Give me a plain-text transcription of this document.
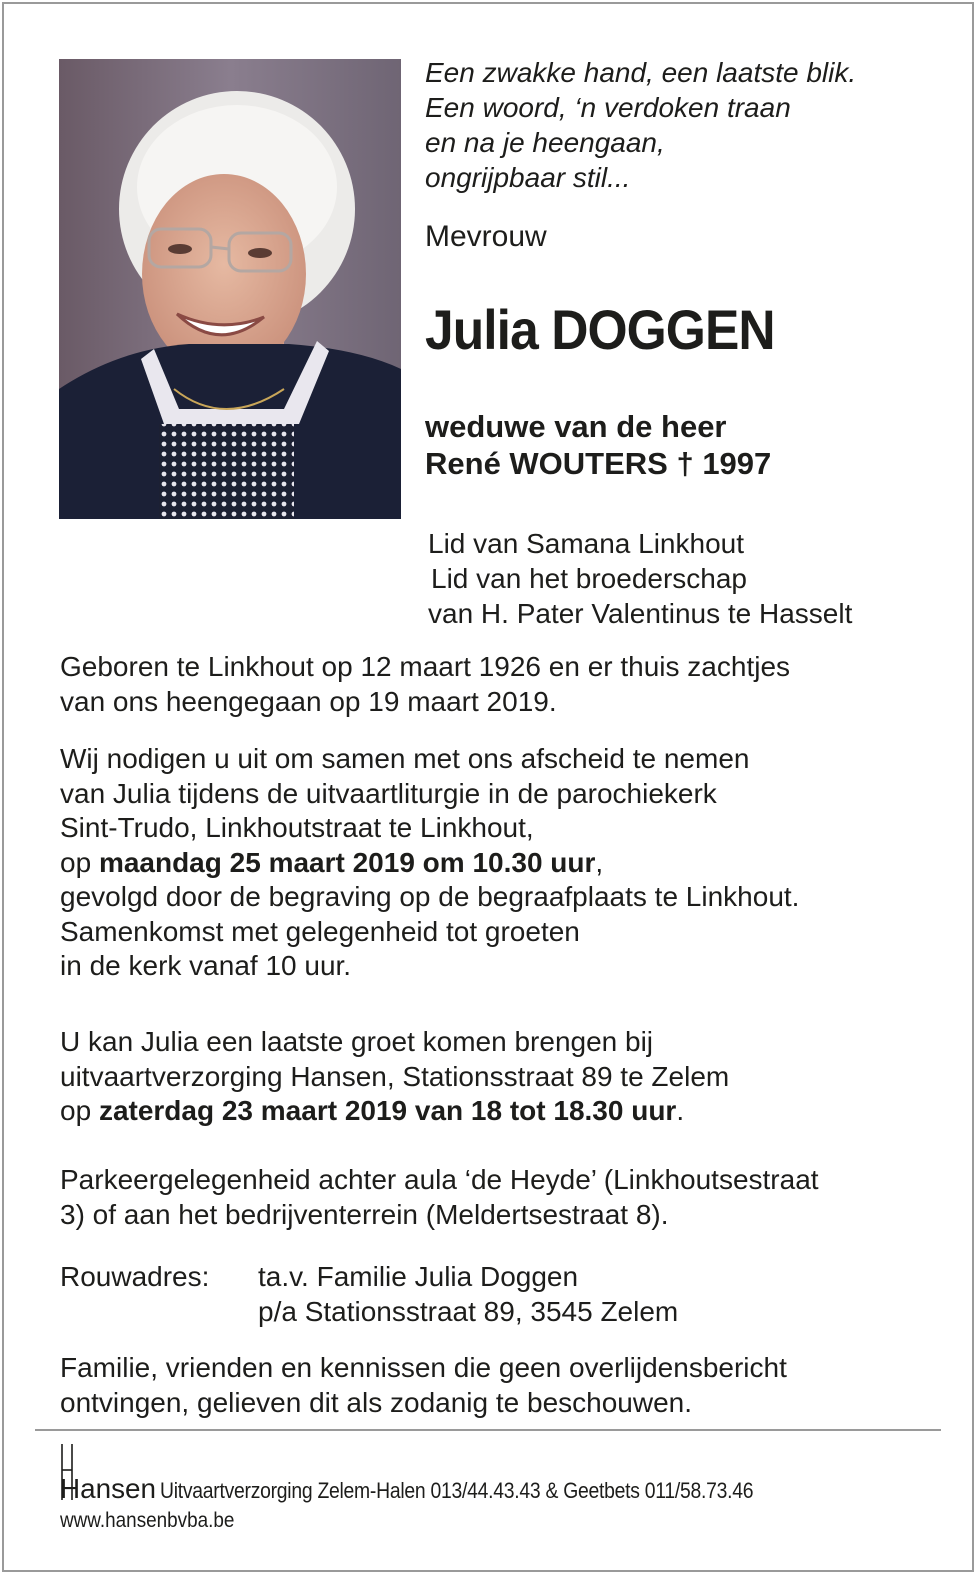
Een zwakke hand, een laatste blik.
Een woord, ‘n verdoken traan
en na je heengaan,
ongrijpbaar stil...
Mevrouw
Julia DOGGEN
weduwe van de heer
René WOUTERS † 1997
Lid van Samana Linkhout
Lid van het broederschap
van H. Pater Valentinus te Hasselt
Geboren te Linkhout op 12 maart 1926 en er thuis zachtjes
van ons heengegaan op 19 maart 2019.
Wij nodigen u uit om samen met ons afscheid te nemen
van Julia tijdens de uitvaartliturgie in de parochiekerk
Sint-Trudo, Linkhoutstraat te Linkhout,
op maandag 25 maart 2019 om 10.30 uur,
gevolgd door de begraving op de begraafplaats te Linkhout.
Samenkomst met gelegenheid tot groeten
in de kerk vanaf 10 uur.
U kan Julia een laatste groet komen brengen bij
uitvaartverzorging Hansen, Stationsstraat 89 te Zelem
op zaterdag 23 maart 2019 van 18 tot 18.30 uur.
Parkeergelegenheid achter aula ‘de Heyde’ (Linkhoutsestraat
3) of aan het bedrijventerrein (Meldertsestraat 8).
Rouwadres:	ta.v. Familie Julia Doggen
p/a Stationsstraat 89, 3545 Zelem
Familie, vrienden en kennissen die geen overlijdensbericht
ontvingen, gelieven dit als zodanig te beschouwen.
Hansen Uitvaartverzorging Zelem-Halen 013/44.43.43 & Geetbets 011/58.73.46
www.hansenbvba.be
